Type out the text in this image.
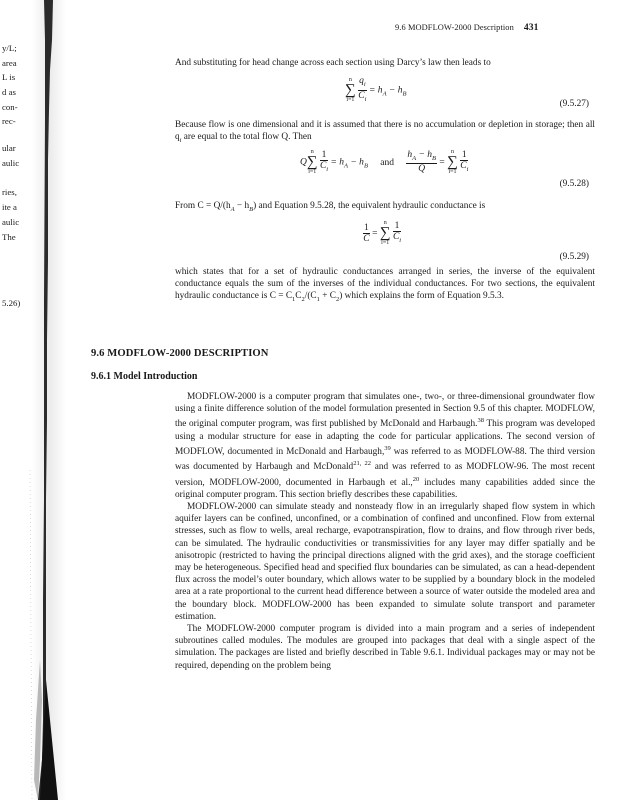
y/L;
area
L is
d as
con-
rec-
ular
aulic
ries,
ite a
aulic
The
5.26)
9.6 MODFLOW-2000 Description 431
And substituting for head change across each section using Darcy’s law then leads to
n
∑
i=1
$\frac{q_i}{C_i} = h_A - h_B$
(9.5.27)
Because flow is one dimensional and it is assumed that there is no accumulation or depletion in storage; then all $q_i$ are equal to the total flow Q. Then
Q
n
∑
i=1
$\frac{1}{C_i} = h_A - h_B$ and $\frac{h_A - h_B}{Q}$ =
n
∑
i=1
$\frac{1}{C_i}$
(9.5.28)
From $C = Q/(h_A - h_B)$ and Equation 9.5.28, the equivalent hydraulic conductance is
$\frac{1}{C}$ =
n
∑
i=1
$\frac{1}{C_i}$
(9.5.29)
which states that for a set of hydraulic conductances arranged in series, the inverse of the equivalent conductance equals the sum of the inverses of the individual conductances. For two sections, the equivalent hydraulic conductance is $C = C_1C_2/(C_1 + C_2)$ which explains the form of Equation 9.5.3.
9.6 MODFLOW-2000 DESCRIPTION
9.6.1 Model Introduction
MODFLOW-2000 is a computer program that simulates one-, two-, or three-dimensional groundwater flow using a finite difference solution of the model formulation presented in Section 9.5 of this chapter. MODFLOW, the original computer program, was first published by McDonald and Harbaugh.$^{38}$ This program was developed using a modular structure for ease in adapting the code for particular applications. The second version of MODFLOW, documented in McDonald and Harbaugh,$^{39}$ was referred to as MODFLOW-88. The third version was documented by Harbaugh and McDonald$^{21, 22}$ and was referred to as MODFLOW-96. The most recent version, MODFLOW-2000, documented in Harbaugh et al.,$^{20}$ includes many capabilities added since the original computer program. This section briefly describes these capabilities.
MODFLOW-2000 can simulate steady and nonsteady flow in an irregularly shaped flow system in which aquifer layers can be confined, unconfined, or a combination of confined and unconfined. Flow from external stresses, such as flow to wells, areal recharge, evapotranspiration, flow to drains, and flow through river beds, can be simulated. The hydraulic conductivities or transmissivities for any layer may differ spatially and be anisotropic (restricted to having the principal directions aligned with the grid axes), and the storage coefficient may be heterogeneous. Specified head and specified flux boundaries can be simulated, as can a head-dependent flux across the model’s outer boundary, which allows water to be supplied by a boundary block in the modeled area at a rate proportional to the current head difference between a source of water outside the modeled area and the boundary block. MODFLOW-2000 has been expanded to simulate solute transport and parameter estimation.
The MODFLOW-2000 computer program is divided into a main program and a series of independent subroutines called modules. The modules are grouped into packages that deal with a single aspect of the simulation. The packages are listed and briefly described in Table 9.6.1. Individual packages may or may not be required, depending on the problem being
